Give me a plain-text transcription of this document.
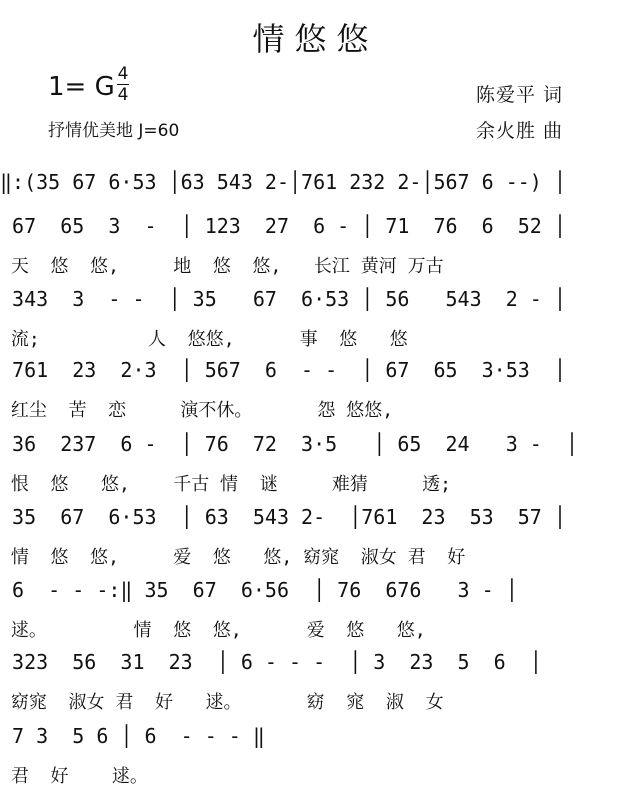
情悠悠
1= G 4
4
抒情优美地 J=60
陈爱平 词
余火胜 曲
‖:(35 67 6·53 │63 543 2-│761 232 2-│567 6 --) │
67  65  3  -  │ 123  27  6 - │ 71  76  6  52 │
天  悠  悠,     地  悠  悠,   长江 黄河 万古
343  3  - -  │ 35   67  6·53 │ 56   543  2 - │
流;          人  悠悠,      事  悠   悠
761  23  2·3  │ 567  6  - -  │ 67  65  3·53  │
红尘  苦  恋     演不休。      怨 悠悠,
36  237  6 -  │ 76  72  3·5   │ 65  24   3 -  │
恨  悠   悠,    千古 情  谜     难猜     透;
35  67  6·53  │ 63  543 2-  │761  23  53  57 │
情  悠  悠,     爱  悠   悠, 窈窕  淑女 君  好
6  - - -:‖ 35  67  6·56  │ 76  676   3 - │
逑。        情  悠  悠,      爱  悠   悠,
323  56  31  23  │ 6 - - -  │ 3  23  5  6  │
窈窕  淑女 君  好   逑。      窈  窕  淑  女
7 3  5 6 │ 6  - - - ‖
君  好    逑。
